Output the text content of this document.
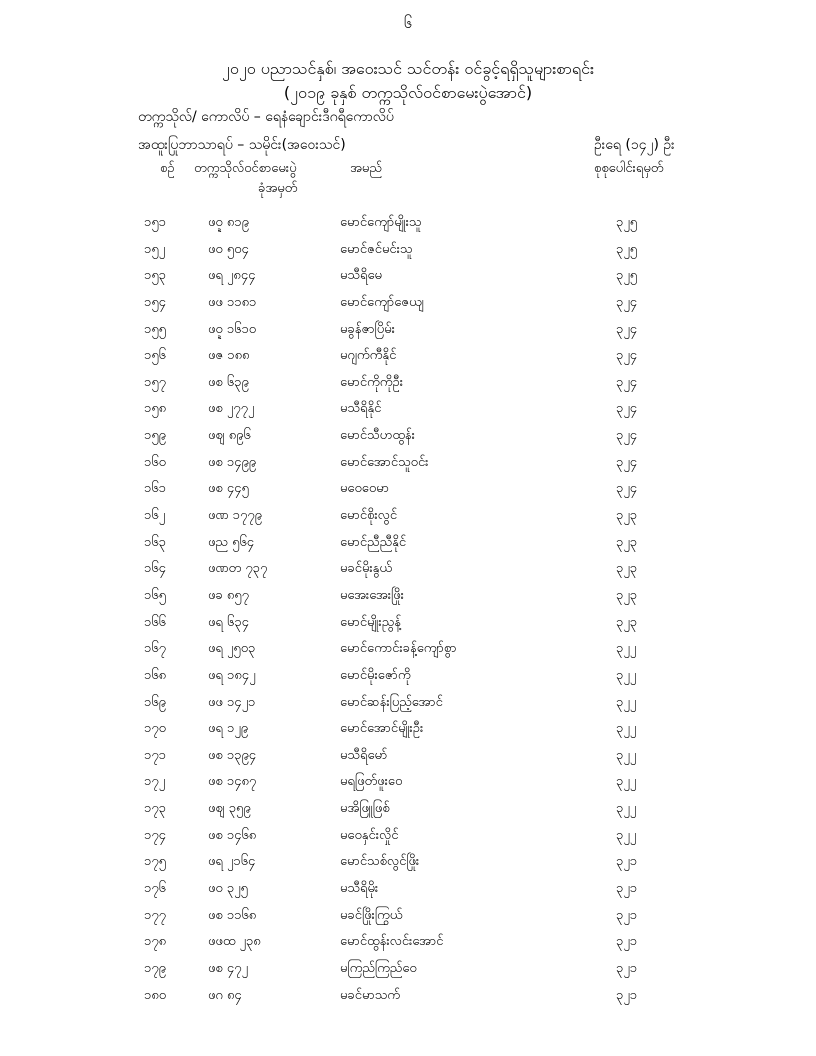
၆
၂၀၂၀ ပညာသင်နှစ်၊ အဝေးသင် သင်တန်း ဝင်ခွင့်ရရှိသူများစာရင်း
(၂၀၁၉ ခုနှစ် တက္ကသိုလ်ဝင်စာမေးပွဲအောင်)
တက္ကသိုလ်/ ကောလိပ် – ရေနံချောင်းဒီဂရီကောလိပ်
အထူးပြုဘာသာရပ် – သမိုင်း(အဝေးသင်)	ဦးရေ (၁၄၂) ဦး
စဉ် တက္ကသိုလ်ဝင်စာမေးပွဲ
ခုံအမှတ်
အမည်	စုစုပေါင်းရမှတ်
၁၅၁	ဖဝ္ဍ ၈၁၉	မောင်ကျော်မျိုးသူ	၃၂၅
၁၅၂	ဖဝ ၅၀၄	မောင်ဇင်မင်းသူ	၃၂၅
၁၅၃	ဖရ ၂၈၄၄	မသီရိမေ	၃၂၅
၁၅၄	ဖဖ ၁၁၈၁	မောင်ကျော်ဇေယျ	၃၂၄
၁၅၅	ဖဝ္ဍ ၁၆၁၀	မခွန်ဇာပြိမ်း	၃၂၄
၁၅၆	ဖဇ ၁၈၈	မဂျက်ကီနိုင်	၃၂၄
၁၅၇	ဖစ ၆၃၉	မောင်ကိုကိုဦး	၃၂၄
၁၅၈	ဖစ ၂၇၇၂	မသီရိနိုင်	၃၂၄
၁၅၉	ဖဈ ၈၉၆	မောင်သီဟထွန်း	၃၂၄
၁၆၀	ဖစ ၁၄၉၉	မောင်အောင်သူဝင်း	၃၂၄
၁၆၁	ဖစ ၄၄၅	မဝေဝေမာ	၃၂၄
၁၆၂	ဖဏ ၁၇၇၉	မောင်စိုးလွင်	၃၂၃
၁၆၃	ဖည ၅၆၄	မောင်ညီညီနိုင်	၃၂၃
၁၆၄	ဖဏတ ၇၃၇	မခင်မိုးနွယ်	၃၂၃
၁၆၅	ဖခ ၈၅၇	မအေးအေးဖြိုး	၃၂၃
၁၆၆	ဖရ ၆၃၄	မောင်မျိုးညွန့်	၃၂၃
၁၆၇	ဖရ ၂၅၀၃	မောင်ကောင်းခန့်ကျော်စွာ	၃၂၂
၁၆၈	ဖရ ၁၈၄၂	မောင်မိုးဇော်ကို	၃၂၂
၁၆၉	ဖဖ ၁၄၂၁	မောင်ဆန်းပြည့်အောင်	၃၂၂
၁၇၀	ဖရ ၁၂၉	မောင်အောင်မျိုးဦး	၃၂၂
၁၇၁	ဖစ ၁၃၉၄	မသီရိမော်	၃၂၂
၁၇၂	ဖစ ၁၄၈၇	မရဖြတ်ဖူးဝေ	၃၂၂
၁၇၃	ဖဈ ၃၅၉	မအိဖြူဖြစ်	၃၂၂
၁၇၄	ဖစ ၁၄၆၈	မဝေနှင်းလှိုင်	၃၂၂
၁၇၅	ဖရ ၂၁၆၄	မောင်သစ်လွင်ဖြိုး	၃၂၁
၁၇၆	ဖဝ ၃၂၅	မသီရိမိုး	၃၂၁
၁၇၇	ဖစ ၁၁၆၈	မခင်ဖြိုးကြွယ်	၃၂၁
၁၇၈	ဖဖထ ၂၃၈	မောင်ထွန်းလင်းအောင်	၃၂၁
၁၇၉	ဖစ ၄၇၂	မကြည်ကြည်ဝေ	၃၂၁
၁၈၀	ဖဂ ၈၄	မခင်မာသက်	၃၂၁
